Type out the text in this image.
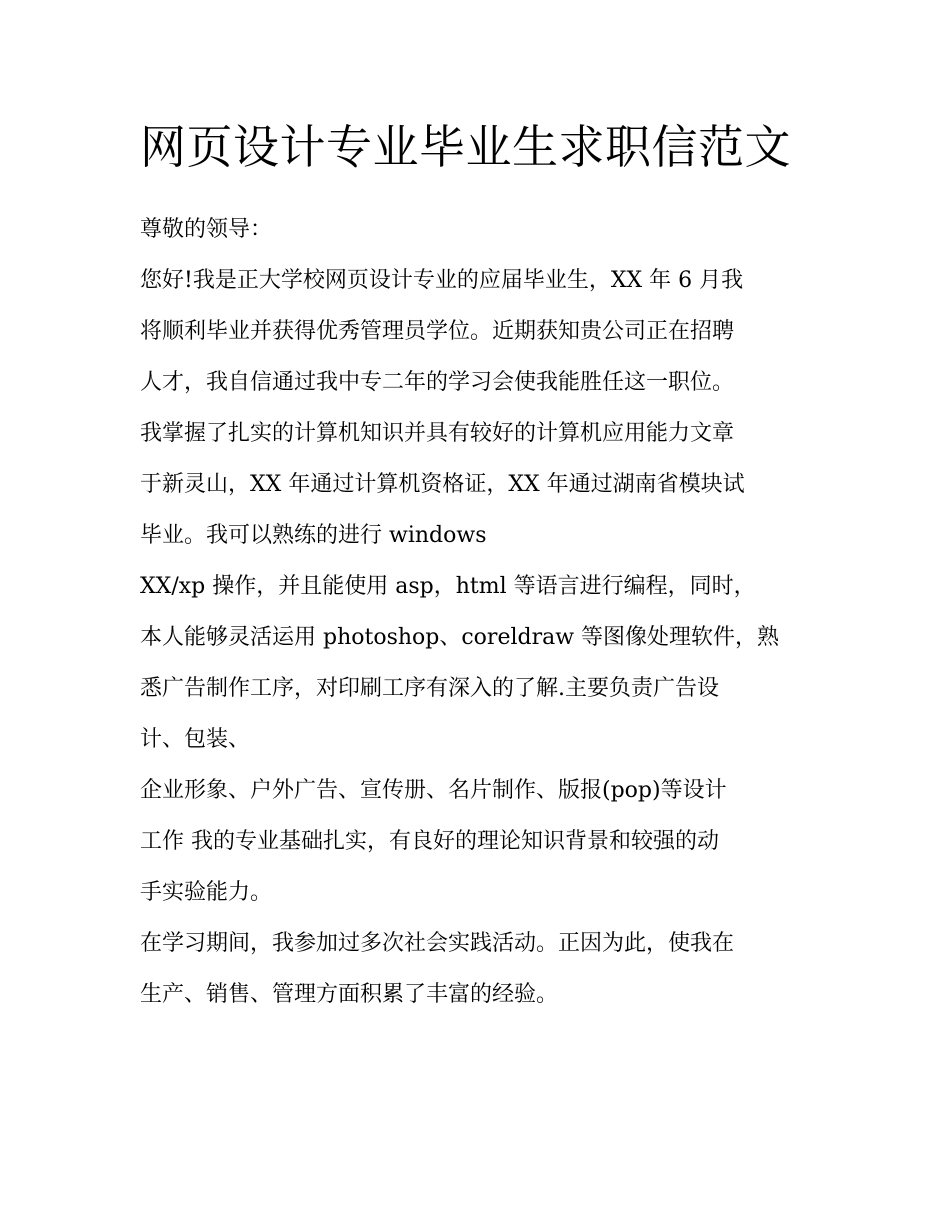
网页设计专业毕业生求职信范文

尊敬的领导：

您好!我是正大学校网页设计专业的应届毕业生，XX 年 6 月我

将顺利毕业并获得优秀管理员学位。近期获知贵公司正在招聘

人才，我自信通过我中专二年的学习会使我能胜任这一职位。

我掌握了扎实的计算机知识并具有较好的计算机应用能力文章

于新灵山，XX 年通过计算机资格证，XX 年通过湖南省模块试

毕业。我可以熟练的进行 windows

XX/xp 操作，并且能使用 asp，html 等语言进行编程，同时，

本人能够灵活运用 photoshop、coreldraw 等图像处理软件，熟

悉广告制作工序，对印刷工序有深入的了解.主要负责广告设

计、包装、

企业形象、户外广告、宣传册、名片制作、版报(pop)等设计

工作 我的专业基础扎实，有良好的理论知识背景和较强的动

手实验能力。

在学习期间，我参加过多次社会实践活动。正因为此，使我在

生产、销售、管理方面积累了丰富的经验。
